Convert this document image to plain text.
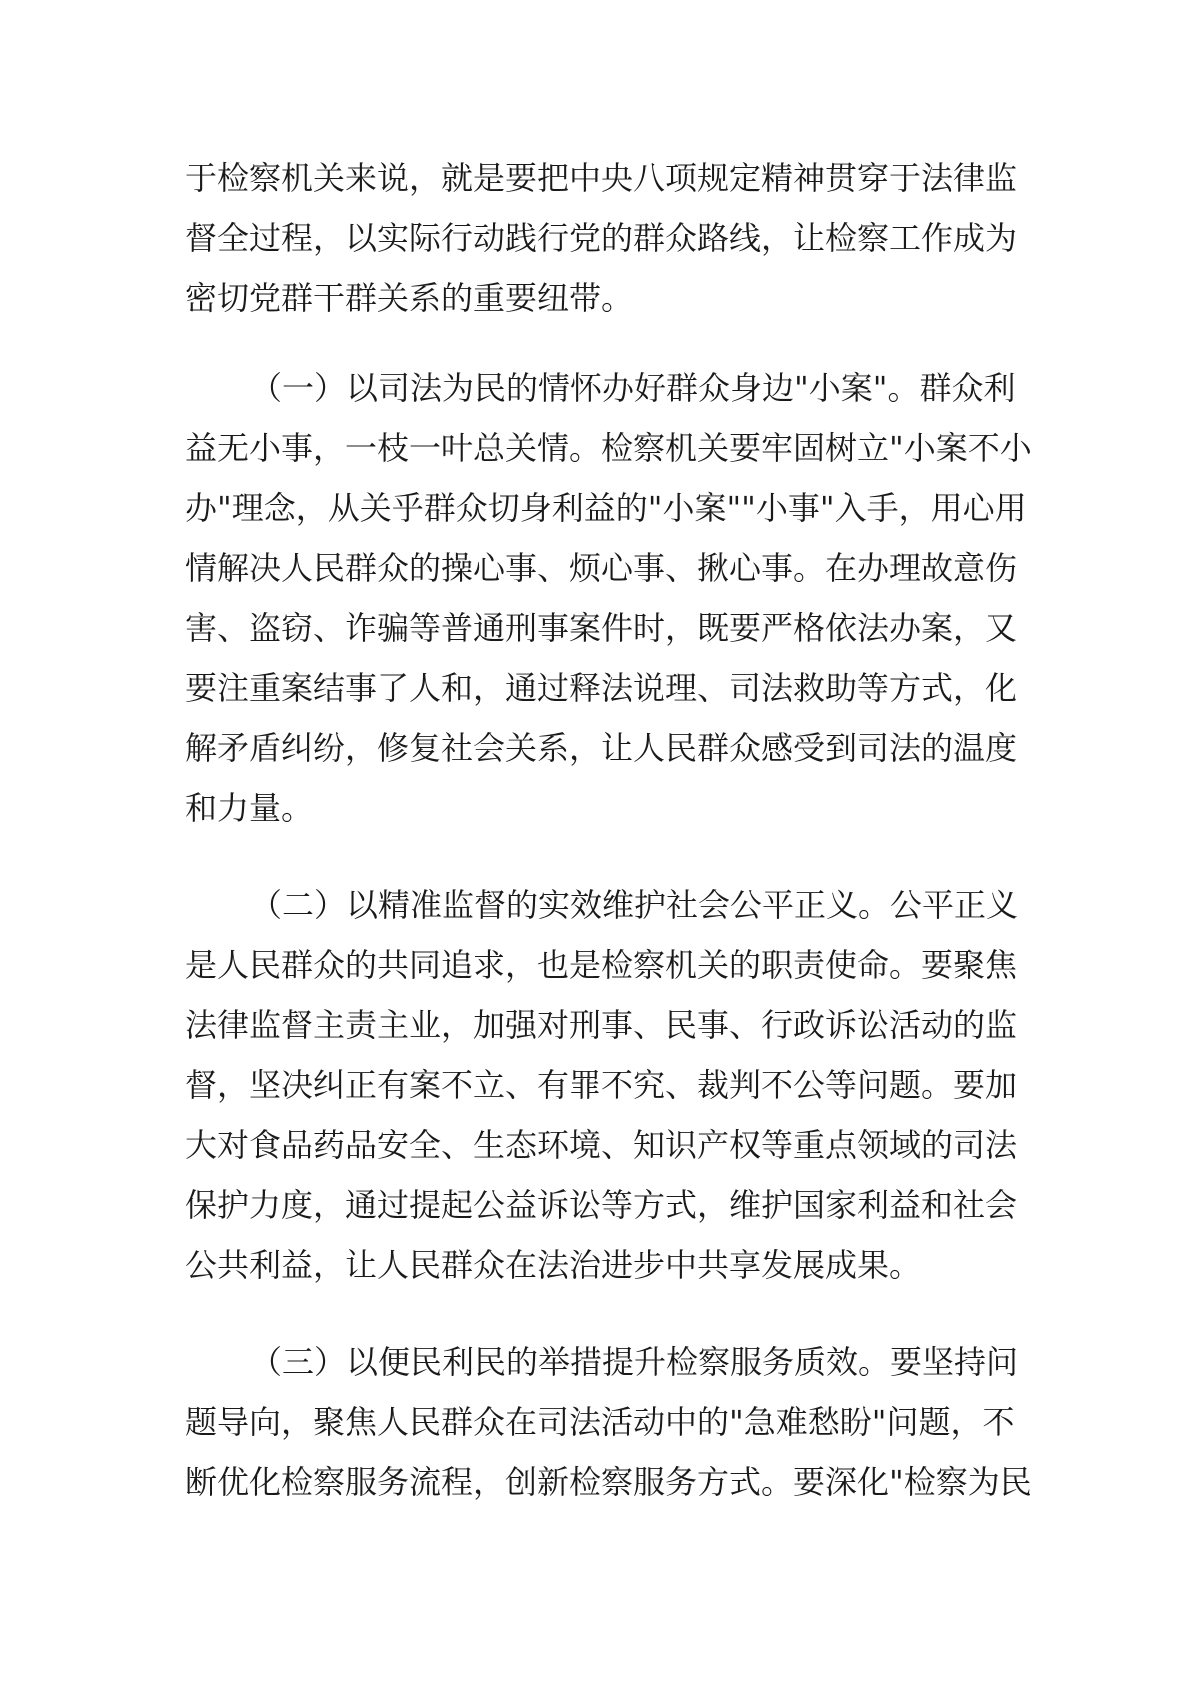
于检察机关来说，就是要把中央八项规定精神贯穿于法律监
督全过程，以实际行动践行党的群众路线，让检察工作成为
密切党群干群关系的重要纽带。
（一）以司法为民的情怀办好群众身边"小案"。群众利
益无小事，一枝一叶总关情。检察机关要牢固树立"小案不小
办"理念，从关乎群众切身利益的"小案""小事"入手，用心用
情解决人民群众的操心事、烦心事、揪心事。在办理故意伤
害、盗窃、诈骗等普通刑事案件时，既要严格依法办案，又
要注重案结事了人和，通过释法说理、司法救助等方式，化
解矛盾纠纷，修复社会关系，让人民群众感受到司法的温度
和力量。
（二）以精准监督的实效维护社会公平正义。公平正义
是人民群众的共同追求，也是检察机关的职责使命。要聚焦
法律监督主责主业，加强对刑事、民事、行政诉讼活动的监
督，坚决纠正有案不立、有罪不究、裁判不公等问题。要加
大对食品药品安全、生态环境、知识产权等重点领域的司法
保护力度，通过提起公益诉讼等方式，维护国家利益和社会
公共利益，让人民群众在法治进步中共享发展成果。
（三）以便民利民的举措提升检察服务质效。要坚持问
题导向，聚焦人民群众在司法活动中的"急难愁盼"问题，不
断优化检察服务流程，创新检察服务方式。要深化"检察为民
